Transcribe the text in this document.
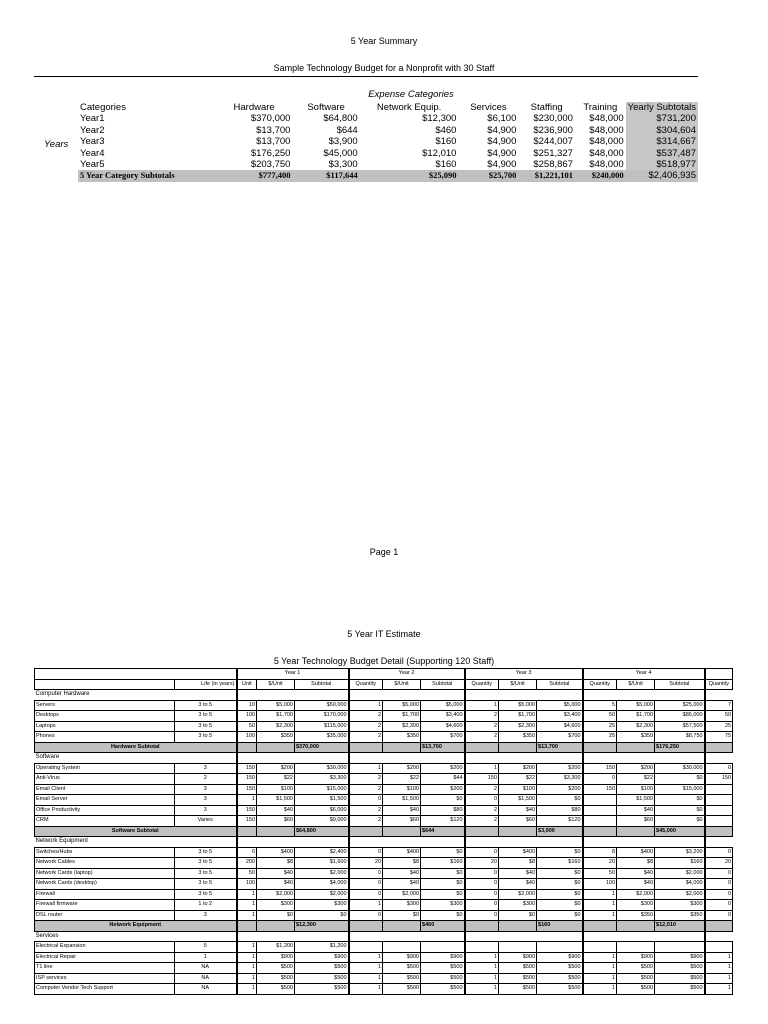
5 Year Summary
Sample Technology Budget for a Nonprofit with 30 Staff
Expense Categories
Years
Categories	Hardware	Software	Network Equip.	Services	Staffing	Training	Yearly Subtotals
Year1	$370,000	$64,800	$12,300	$6,100	$230,000	$48,000	$731,200
Year2	$13,700	$644	$460	$4,900	$236,900	$48,000	$304,604
Year3	$13,700	$3,900	$160	$4,900	$244,007	$48,000	$314,667
Year4	$176,250	$45,000	$12,010	$4,900	$251,327	$48,000	$537,487
Year5	$203,750	$3,300	$160	$4,900	$258,867	$48,000	$518,977
5 Year Category Subtotals	$777,400	$117,644	$25,090	$25,700	$1,221,101	$240,000	$2,406,935
Page 1
5 Year IT Estimate
5 Year Technology Budget Detail (Supporting 120 Staff)
		Year 1			Year 2			Year 3			Year 4			
	Life (in years)	Unit	$/Unit	Subtotal	Quantity	$/Unit	Subtotal	Quantity	$/Unit	Subtotal	Quantity	$/Unit	Subtotal	Quantity
Computer Hardware														
Servers	3 to 5	10	$5,000	$50,000	1	$5,000	$5,000	1	$5,000	$5,000	5	$5,000	$25,000	7
Desktops	3 to 5	100	$1,700	$170,000	2	$1,700	$3,400	2	$1,700	$3,400	50	$1,700	$85,000	50
Laptops	3 to 5	50	$2,300	$115,000	2	$2,300	$4,600	2	$2,300	$4,600	25	$2,300	$57,500	25
Phones	3 to 5	100	$350	$35,000	2	$350	$700	2	$350	$700	25	$350	$8,750	75
Hardware Subtotal				$370,000			$13,700			$13,700			$176,250	
Software														
Operating System	3	150	$200	$30,000	1	$200	$200	1	$200	$200	150	$200	$30,000	0
Anti-Virus	2	150	$22	$3,300	2	$22	$44	150	$22	$3,300	0	$22	$0	150
Email Client	3	150	$100	$15,000	2	$100	$200	2	$100	$200	150	$100	$15,000	
Email Server	3	1	$1,500	$1,500	0	$1,500	$0	0	$1,500	$0		$1,500	$0	
Office Productivity	3	150	$40	$6,000	2	$40	$80	2	$40	$80		$40	$0	
CRM	Varies	150	$60	$9,000	2	$60	$120	2	$60	$120		$60	$0	
Software Subtotal				$64,800			$644			$3,900			$45,000	
Network Equipment														
Switches/Hubs	3 to 5	6	$400	$2,400	0	$400	$0	0	$400	$0	8	$400	$3,200	0
Network Cables	3 to 5	200	$8	$1,600	20	$8	$160	20	$8	$160	20	$8	$160	20
Network Cards (laptop)	3 to 5	50	$40	$2,000	0	$40	$0	0	$40	$0	50	$40	$2,000	0
Network Cards (desktop)	3 to 5	100	$40	$4,000	0	$40	$0	0	$40	$0	100	$40	$4,000	0
Firewall	3 to 5	1	$2,000	$2,000	0	$2,000	$0	0	$2,000	$0	1	$2,000	$2,000	0
Firewall firmware	1 to 2	1	$300	$300	1	$300	$300	0	$300	$0	1	$300	$300	0
DSL router	3	1	$0	$0	0	$0	$0	0	$0	$0	1	$350	$350	0
Network Equipment				$12,300			$460			$160			$12,010	
Services														
Electrical Expansion	5	1	$1,200	$1,200										
Electrical Repair	1	1	$900	$900	1	$900	$900	1	$900	$900	1	$900	$900	1
T1 line	NA	1	$500	$500	1	$500	$500	1	$500	$500	1	$500	$500	1
ISP services	NA	1	$500	$500	1	$500	$500	1	$500	$500	1	$500	$500	1
Computer Vendor Tech Support	NA	1	$500	$500	1	$500	$500	1	$500	$500	1	$500	$500	1
